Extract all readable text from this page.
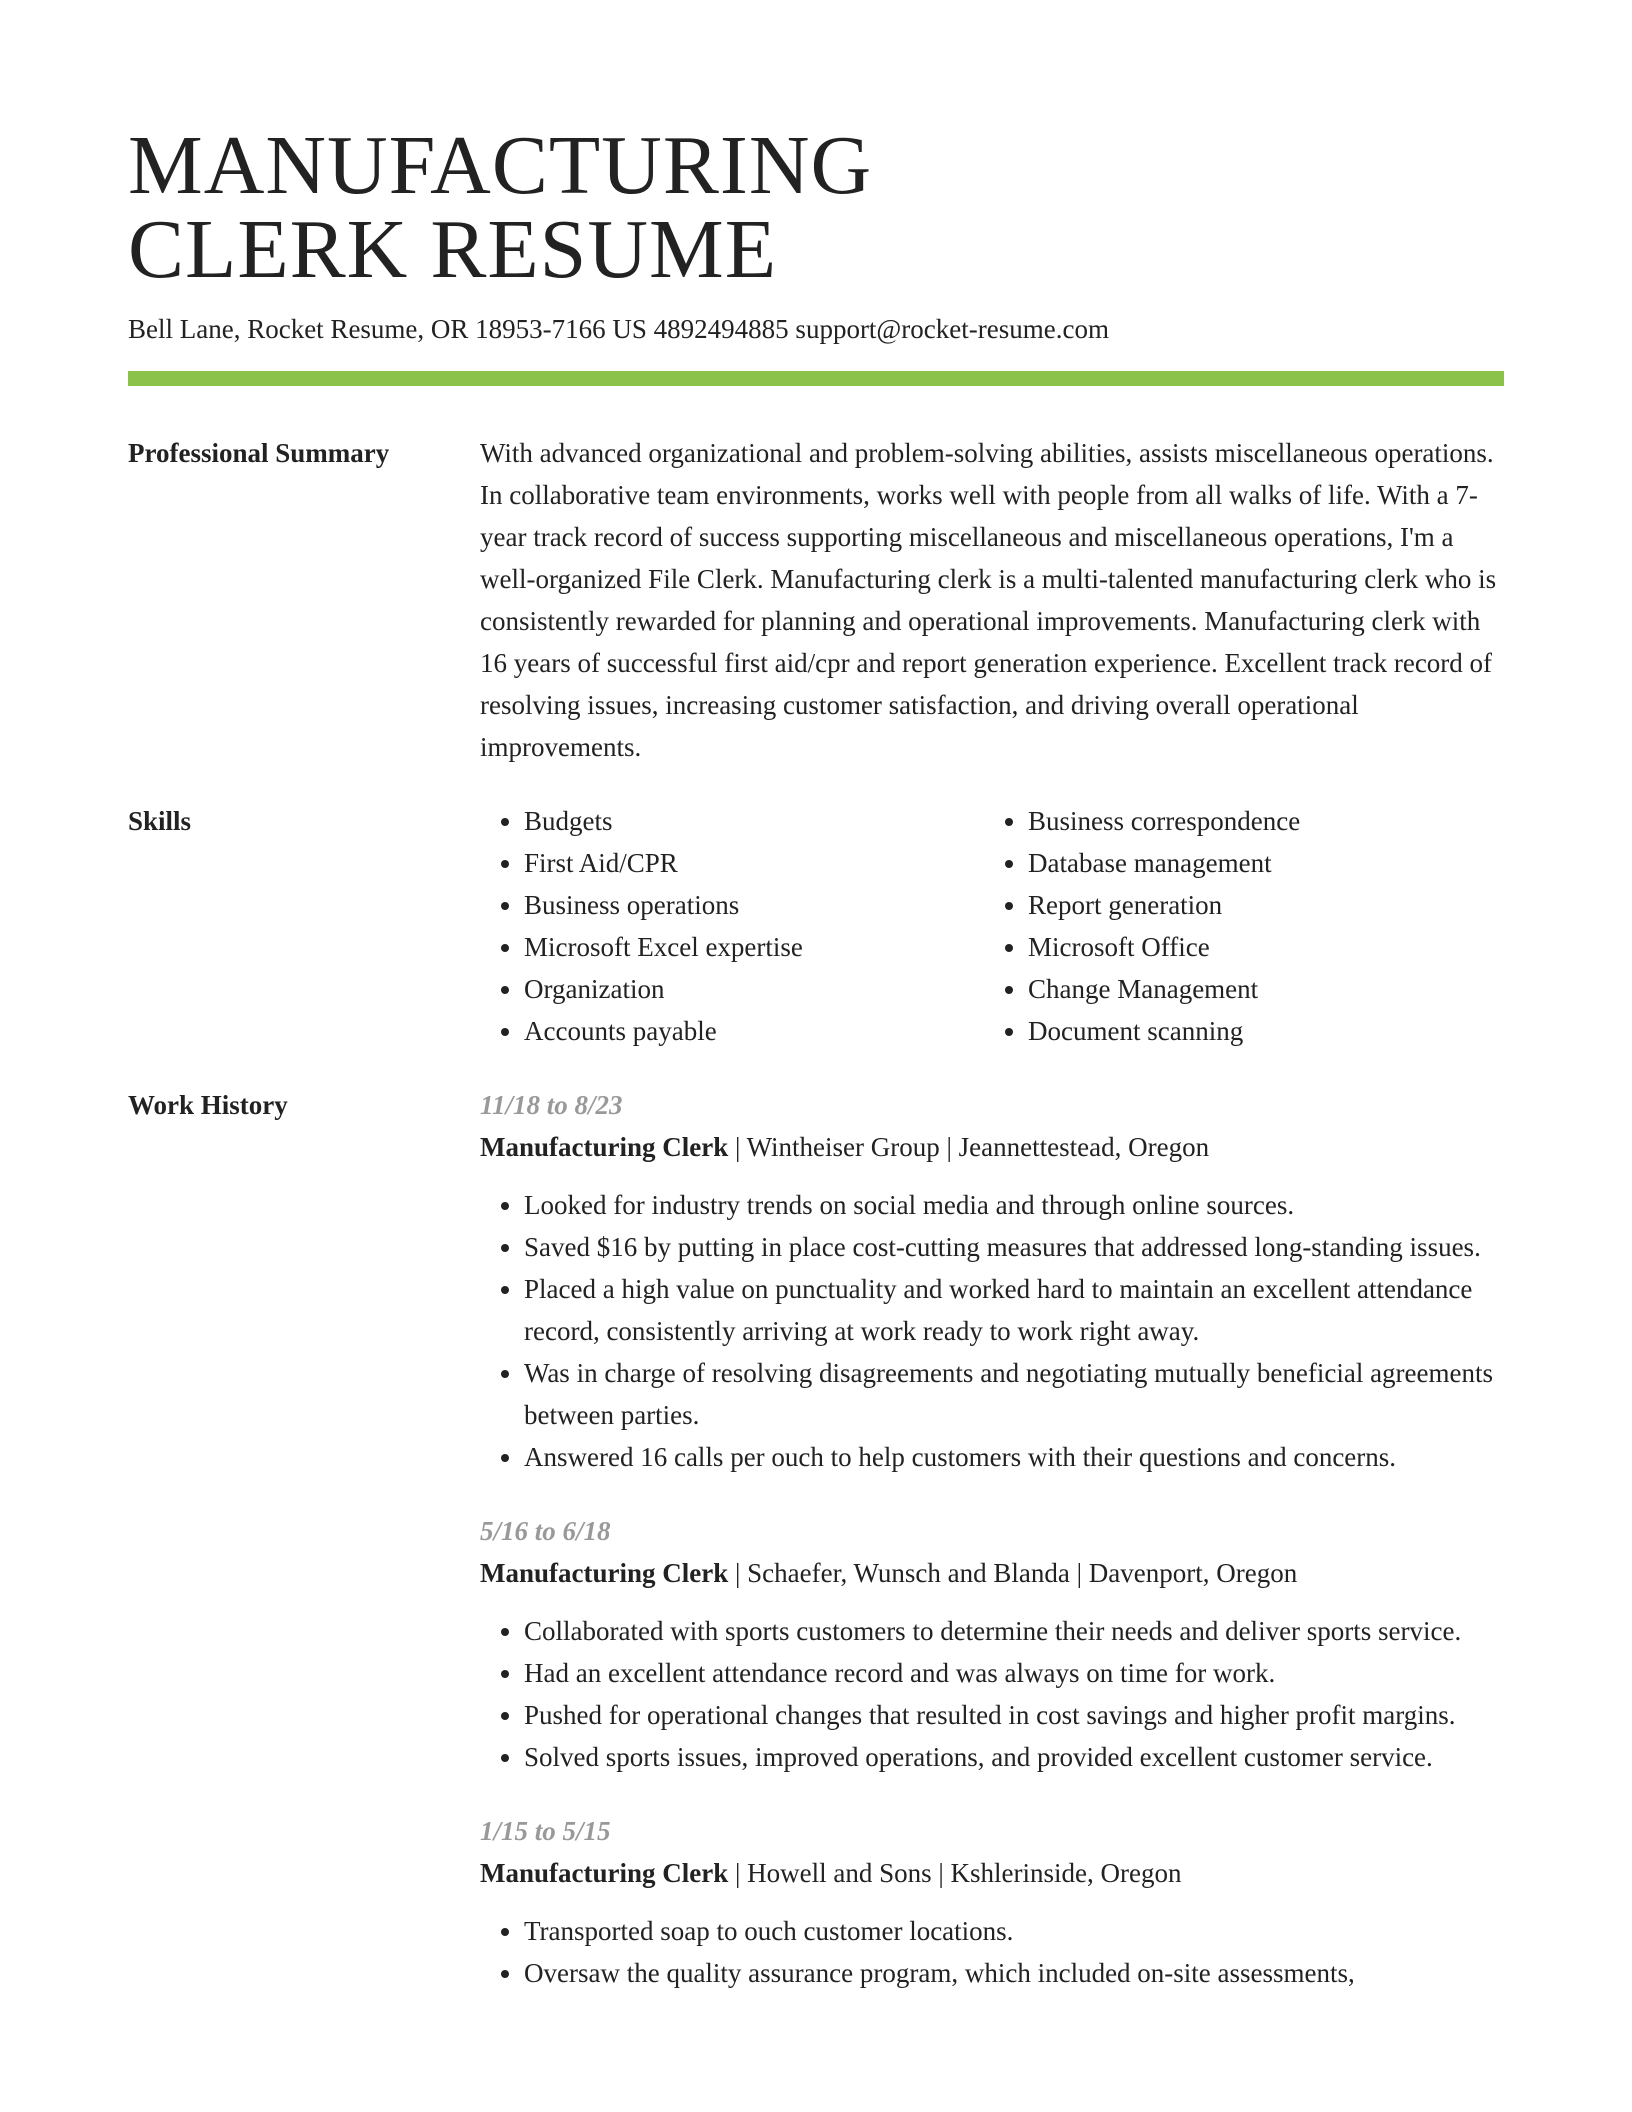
MANUFACTURING
CLERK RESUME
Bell Lane, Rocket Resume, OR 18953-7166 US 4892494885 support@rocket-resume.com
Professional Summary	With advanced organizational and problem-solving abilities, assists miscellaneous operations. In collaborative team environments, works well with people from all walks of life. With a 7-year track record of success supporting miscellaneous and miscellaneous operations, I'm a well-organized File Clerk. Manufacturing clerk is a multi-talented manufacturing clerk who is consistently rewarded for planning and operational improvements. Manufacturing clerk with 16 years of successful first aid/cpr and report generation experience. Excellent track record of resolving issues, increasing customer satisfaction, and driving overall operational improvements.

Skills
•	Budgets
• First Aid/CPR
• Business operations
• Microsoft Excel expertise
• Organization
• Accounts payable
• Business correspondence
• Database management
• Report generation
• Microsoft Office
• Change Management
• Document scanning
Work History	11/18 to 8/23
Manufacturing Clerk | Wintheiser Group | Jeannettestead, Oregon
• Looked for industry trends on social media and through online sources.
• Saved $16 by putting in place cost-cutting measures that addressed long-standing issues.
• Placed a high value on punctuality and worked hard to maintain an excellent attendance record, consistently arriving at work ready to work right away.
• Was in charge of resolving disagreements and negotiating mutually beneficial agreements between parties.
• Answered 16 calls per ouch to help customers with their questions and concerns.
5/16 to 6/18
Manufacturing Clerk | Schaefer, Wunsch and Blanda | Davenport, Oregon
• Collaborated with sports customers to determine their needs and deliver sports service.
• Had an excellent attendance record and was always on time for work.
• Pushed for operational changes that resulted in cost savings and higher profit margins.
• Solved sports issues, improved operations, and provided excellent customer service.
1/15 to 5/15
Manufacturing Clerk | Howell and Sons | Kshlerinside, Oregon
• Transported soap to ouch customer locations.
• Oversaw the quality assurance program, which included on-site assessments,
